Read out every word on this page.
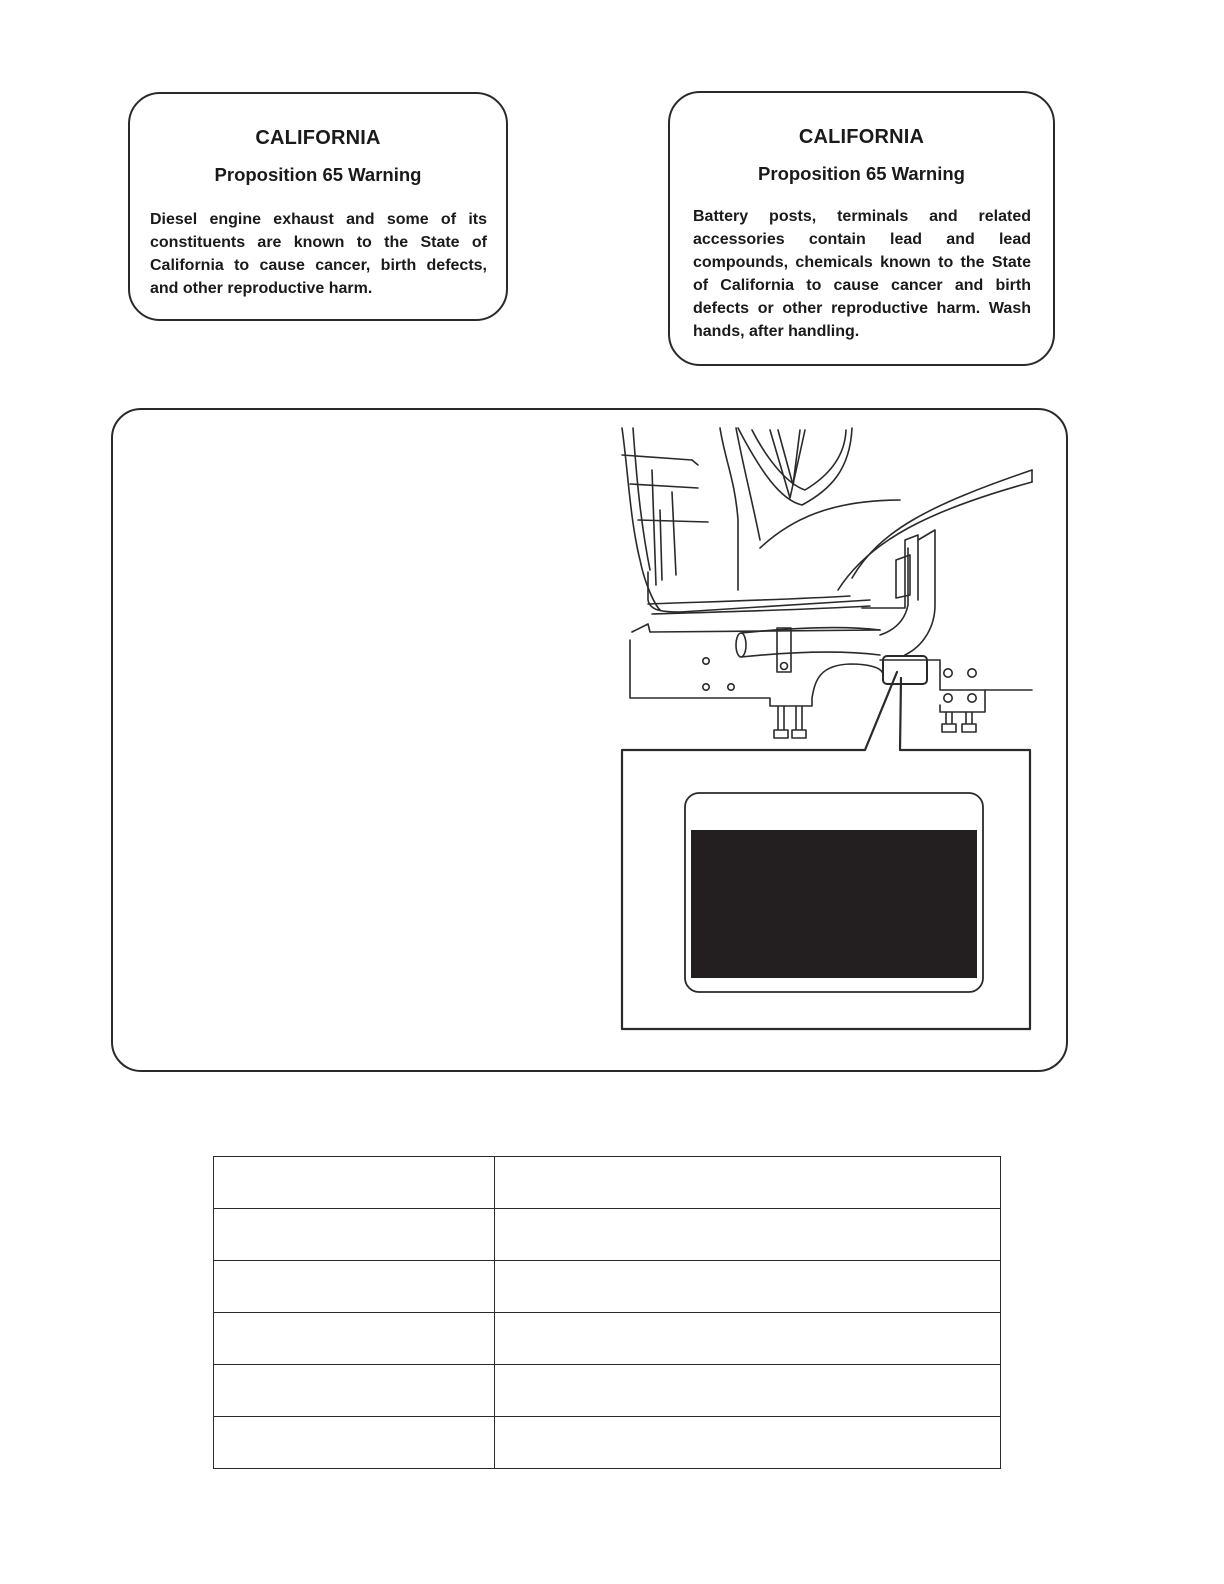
CALIFORNIA
Proposition 65 Warning
Diesel engine exhaust and some of its constituents are known to the State of California to cause cancer, birth defects, and other reproductive harm.
CALIFORNIA
Proposition 65 Warning
Battery posts, terminals and related accessories contain lead and lead compounds, chemicals known to the State of California to cause cancer and birth defects or other reproductive harm. Wash hands, after handling.
